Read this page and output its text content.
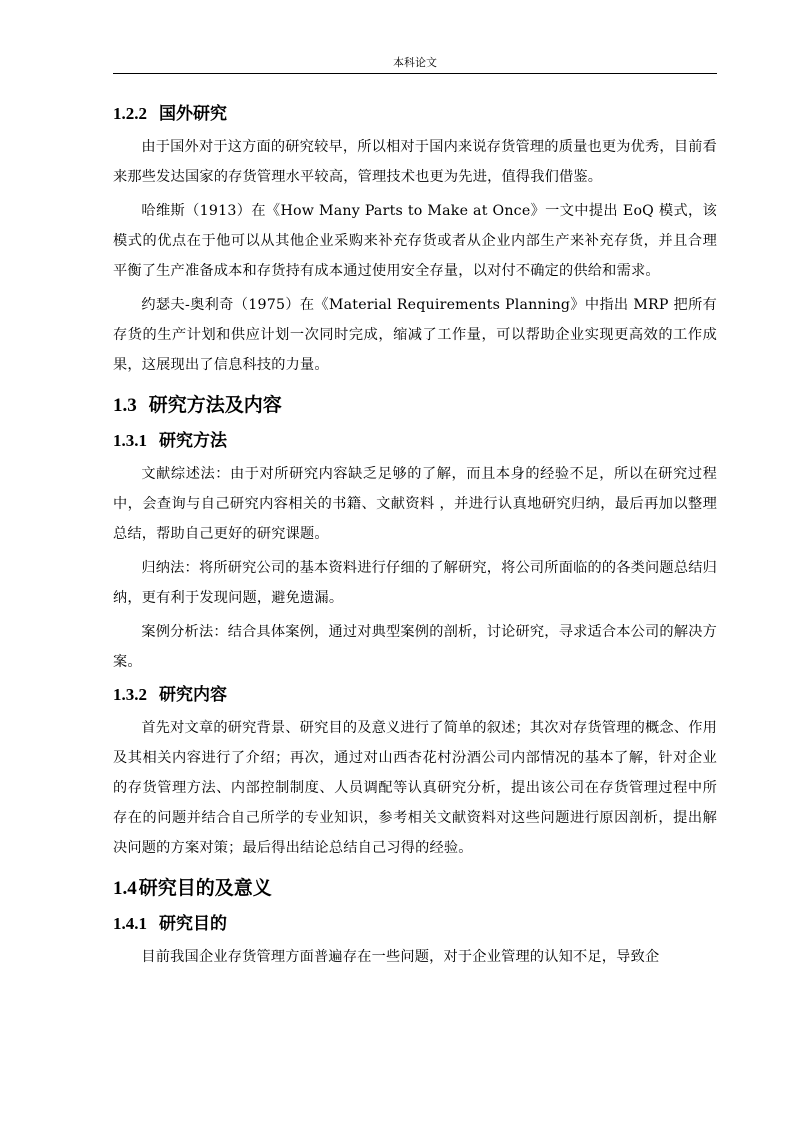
本科论文
1.2.2 国外研究

由于国外对于这方面的研究较早，所以相对于国内来说存货管理的质量也更为优秀，目前看来那些发达国家的存货管理水平较高，管理技术也更为先进，值得我们借鉴。

哈维斯（1913）在《How Many Parts to Make at Once》一文中提出 EoQ 模式，该模式的优点在于他可以从其他企业采购来补充存货或者从企业内部生产来补充存货，并且合理平衡了生产准备成本和存货持有成本通过使用安全存量，以对付不确定的供给和需求。

约瑟夫-奥利奇（1975）在《Material Requirements Planning》中指出 MRP 把所有存货的生产计划和供应计划一次同时完成，缩减了工作量，可以帮助企业实现更高效的工作成果，这展现出了信息科技的力量。

1.3 研究方法及内容
1.3.1 研究方法

文献综述法：由于对所研究内容缺乏足够的了解，而且本身的经验不足，所以在研究过程中，会查询与自己研究内容相关的书籍、文献资料 ，并进行认真地研究归纳，最后再加以整理总结，帮助自己更好的研究课题。

归纳法：将所研究公司的基本资料进行仔细的了解研究，将公司所面临的的各类问题总结归纳，更有利于发现问题，避免遗漏。

案例分析法：结合具体案例，通过对典型案例的剖析，讨论研究，寻求适合本公司的解决方案。

1.3.2 研究内容

首先对文章的研究背景、研究目的及意义进行了简单的叙述；其次对存货管理的概念、作用及其相关内容进行了介绍；再次，通过对山西杏花村汾酒公司内部情况的基本了解，针对企业的存货管理方法、内部控制制度、人员调配等认真研究分析，提出该公司在存货管理过程中所存在的问题并结合自己所学的专业知识，参考相关文献资料对这些问题进行原因剖析，提出解决问题的方案对策；最后得出结论总结自己习得的经验。

1.4 研究目的及意义
1.4.1 研究目的

目前我国企业存货管理方面普遍存在一些问题，对于企业管理的认知不足，导致企
